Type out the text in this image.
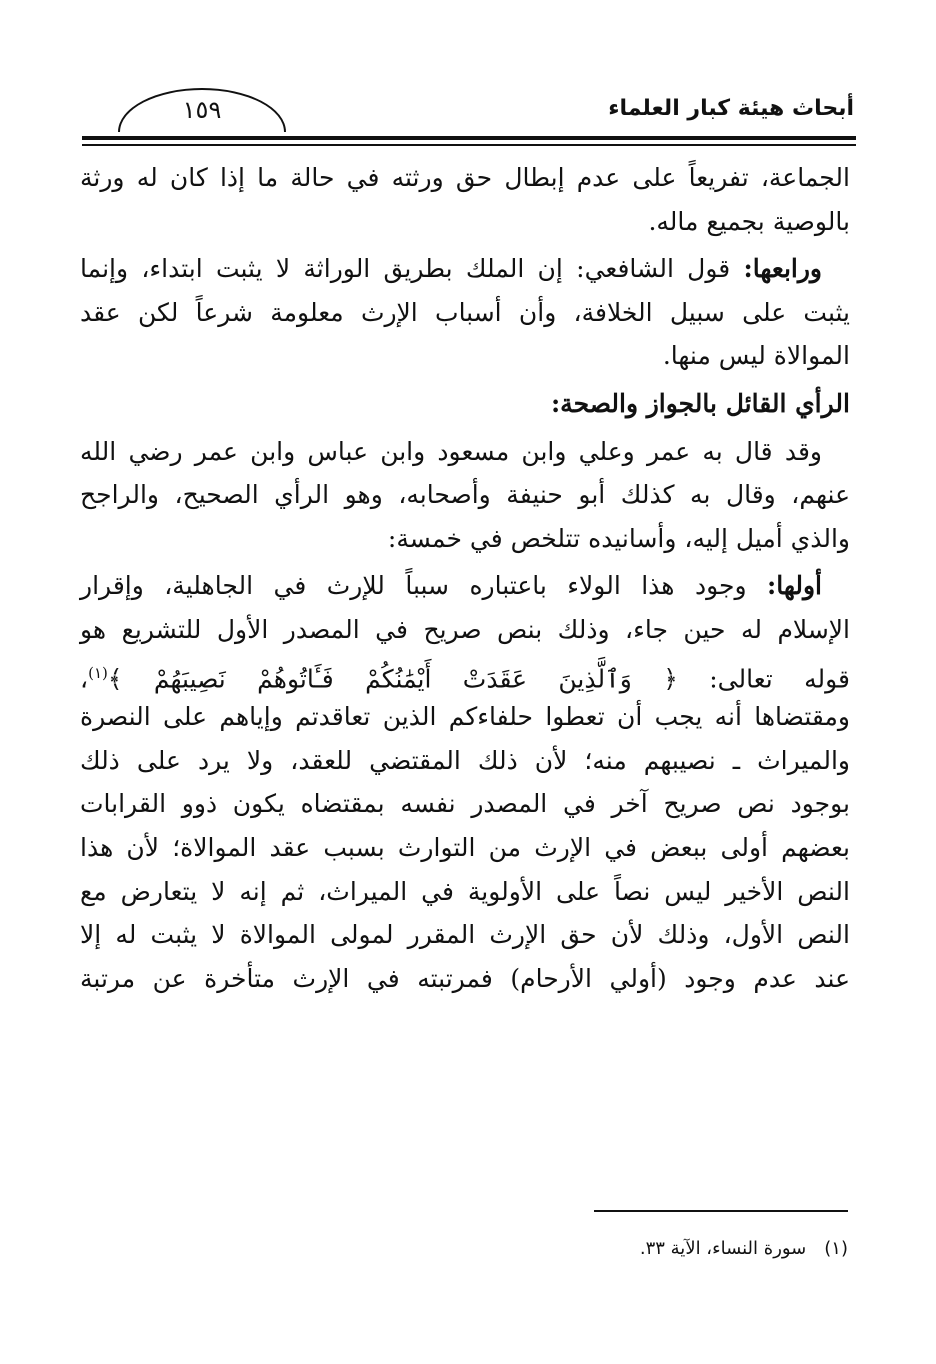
أبحاث هيئة كبار العلماء
١٥٩

الجماعة، تفريعاً على عدم إبطال حق ورثته في حالة ما إذا كان له ورثة
بالوصية بجميع ماله.

ورابعها: قول الشافعي: إن الملك بطريق الوراثة لا يثبت ابتداء، وإنما
يثبت على سبيل الخلافة، وأن أسباب الإرث معلومة شرعاً لكن عقد
الموالاة ليس منها.

الرأي القائل بالجواز والصحة:

وقد قال به عمر وعلي وابن مسعود وابن عباس وابن عمر رضي الله
عنهم، وقال به كذلك أبو حنيفة وأصحابه، وهو الرأي الصحيح، والراجح
والذي أميل إليه، وأسانيده تتلخص في خمسة:

أولها: وجود هذا الولاء باعتباره سبباً للإرث في الجاهلية، وإقرار
الإسلام له حين جاء، وذلك بنص صريح في المصدر الأول للتشريع هو
قوله تعالى: ﴿ وَٱلَّذِينَ عَقَدَتْ أَيْمَٰنُكُمْ فَـَٔاتُوهُمْ نَصِيبَهُمْ ﴾$^{(١)}$،
ومقتضاها أنه يجب أن تعطوا حلفاءكم الذين تعاقدتم وإياهم على النصرة
والميراث ـ نصيبهم منه؛ لأن ذلك المقتضي للعقد، ولا يرد على ذلك
بوجود نص صريح آخر في المصدر نفسه بمقتضاه يكون ذوو القرابات
بعضهم أولى ببعض في الإرث من التوارث بسبب عقد الموالاة؛ لأن هذا
النص الأخير ليس نصاً على الأولوية في الميراث، ثم إنه لا يتعارض مع
النص الأول، وذلك لأن حق الإرث المقرر لمولى الموالاة لا يثبت له إلا
عند عدم وجود (أولي الأرحام) فمرتبته في الإرث متأخرة عن مرتبة

(١)سورة النساء، الآية ٣٣.
